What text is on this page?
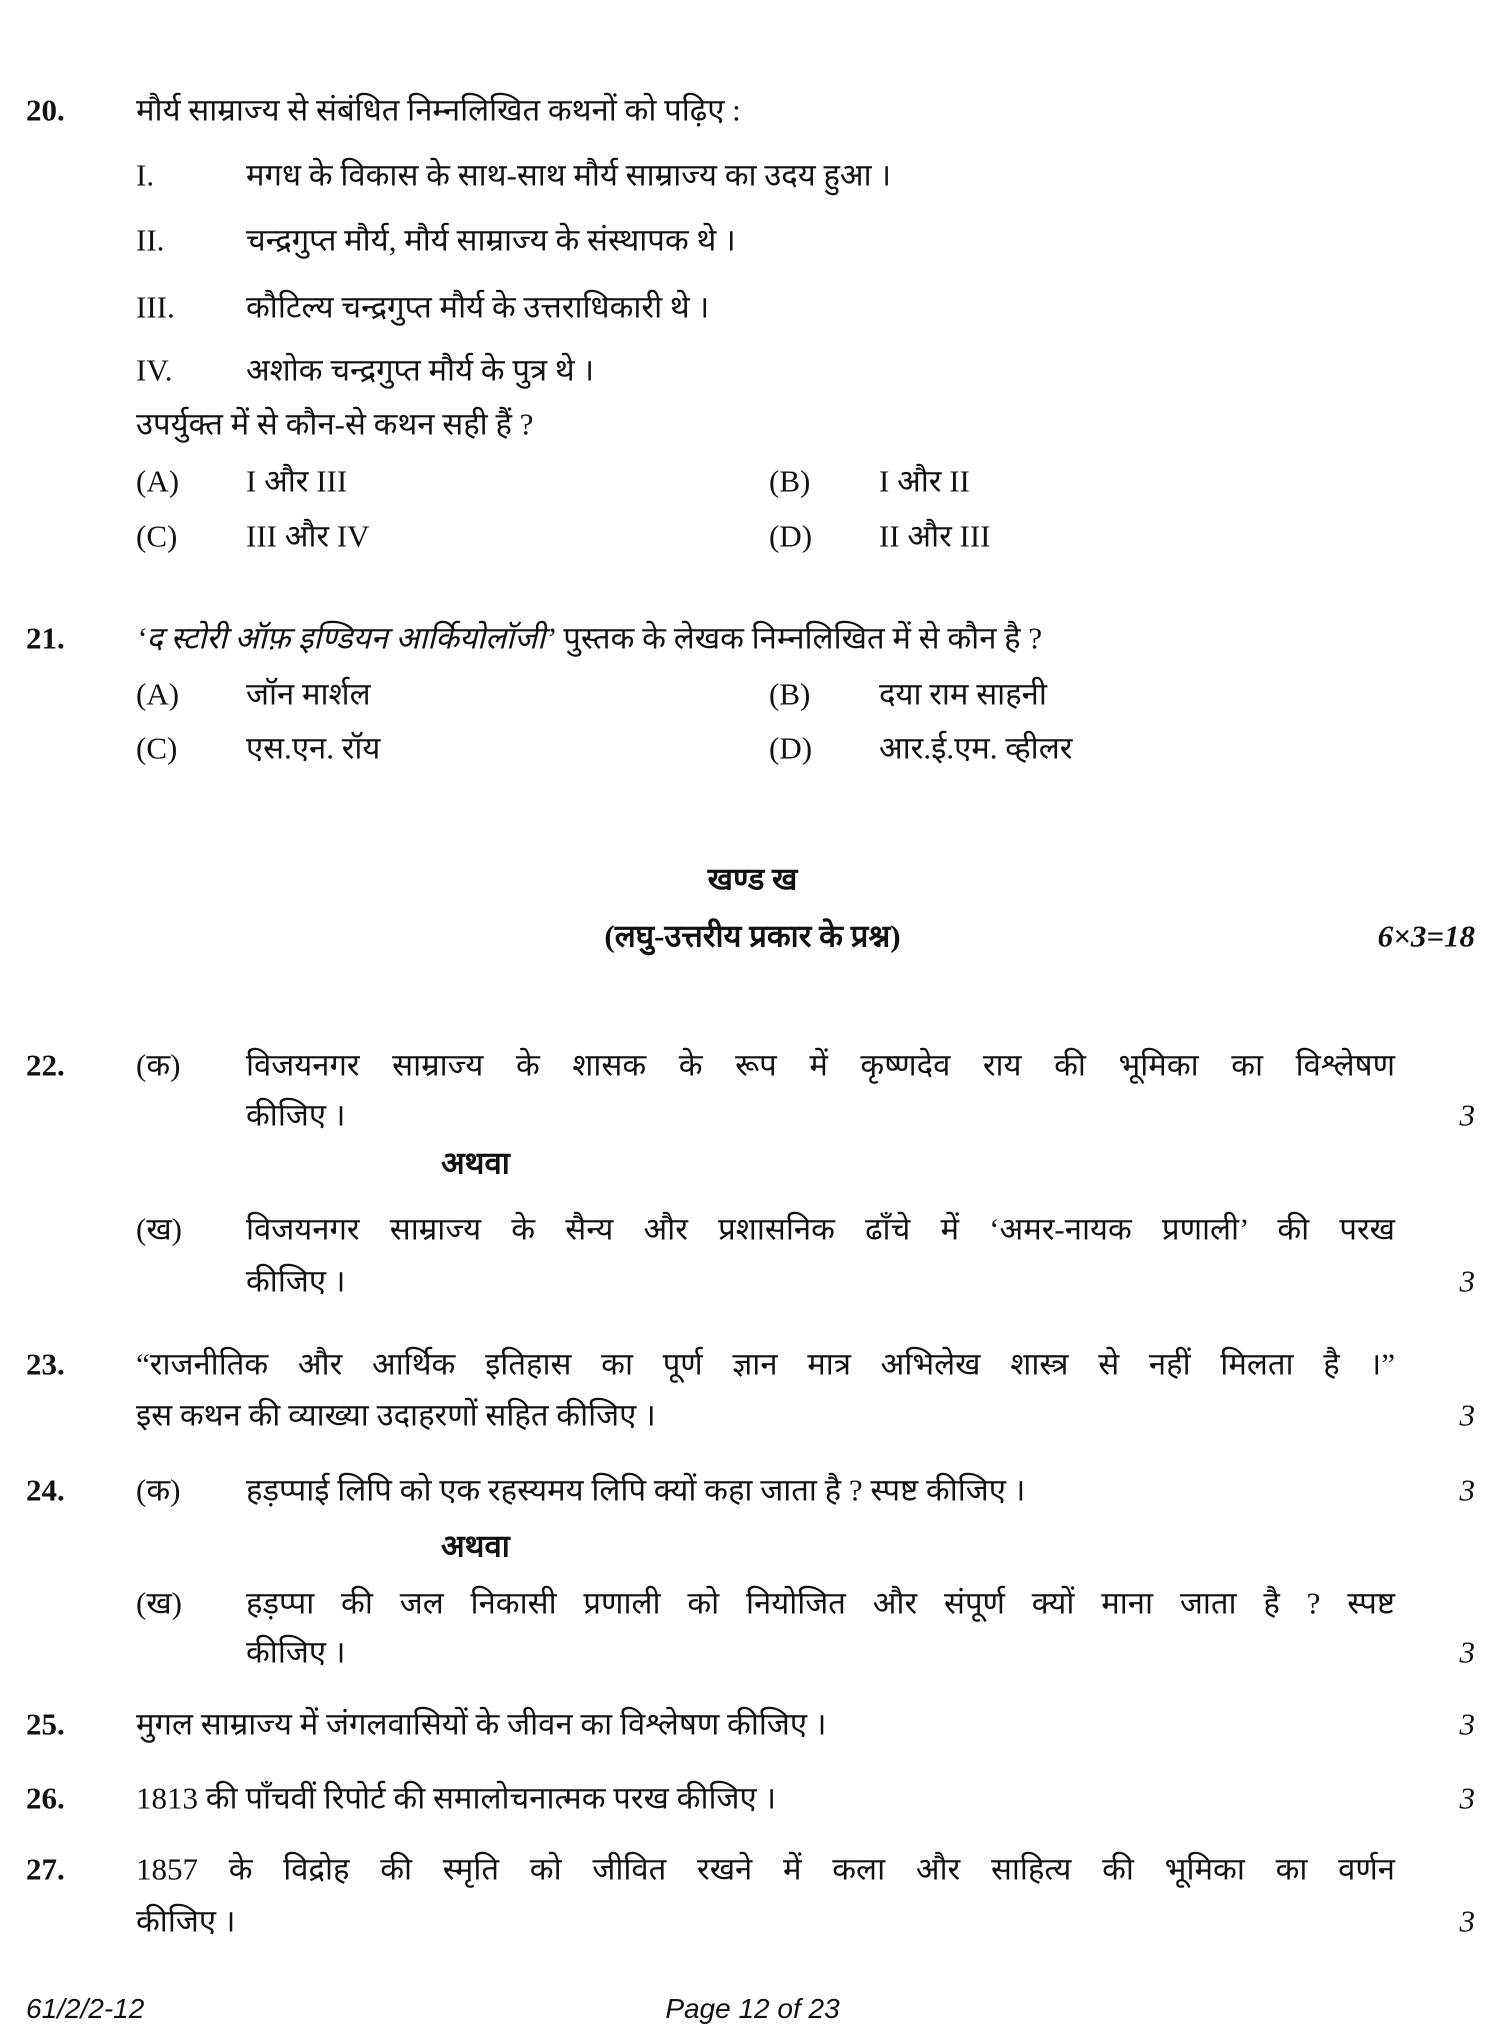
20. मौर्य साम्राज्य से संबंधित निम्नलिखित कथनों को पढ़िए :
I.	मगध के विकास के साथ-साथ मौर्य साम्राज्य का उदय हुआ ।
II.	चन्द्रगुप्त मौर्य, मौर्य साम्राज्य के संस्थापक थे ।
III. कौटिल्य चन्द्रगुप्त मौर्य के उत्तराधिकारी थे ।
IV. अशोक चन्द्रगुप्त मौर्य के पुत्र थे ।
उपर्युक्त में से कौन-से कथन सही हैं ?
(A) I और III	(B) I और II
(C) III और IV	(D) II और III
21. ‘द स्टोरी ऑफ़ इण्डियन आर्कियोलॉजी’ पुस्तक के लेखक निम्नलिखित में से कौन है ?
(A) जॉन मार्शल	(B) दया राम साहनी
(C) एस.एन. रॉय	(D) आर.ई.एम. व्हीलर
खण्ड ख
(लघु-उत्तरीय प्रकार के प्रश्न)	6×3=18
22. (क) विजयनगर साम्राज्य के शासक के रूप में कृष्णदेव राय की भूमिका का विश्लेषण
कीजिए ।	3
अथवा
(ख) विजयनगर साम्राज्य के सैन्य और प्रशासनिक ढाँचे में ‘अमर-नायक प्रणाली’ की परख
कीजिए ।	3
23. “राजनीतिक और आर्थिक इतिहास का पूर्ण ज्ञान मात्र अभिलेख शास्त्र से नहीं मिलता है ।”
इस कथन की व्याख्या उदाहरणों सहित कीजिए ।	3
24. (क) हड़प्पाई लिपि को एक रहस्यमय लिपि क्यों कहा जाता है ? स्पष्ट कीजिए ।	3
अथवा
(ख) हड़प्पा की जल निकासी प्रणाली को नियोजित और संपूर्ण क्यों माना जाता है ? स्पष्ट
कीजिए ।	3
25. मुगल साम्राज्य में जंगलवासियों के जीवन का विश्लेषण कीजिए ।	3
26. 1813 की पाँचवीं रिपोर्ट की समालोचनात्मक परख कीजिए ।	3
27. 1857 के विद्रोह की स्मृति को जीवित रखने में कला और साहित्य की भूमिका का वर्णन
कीजिए ।	3
61/2/2-12	Page 12 of 23
